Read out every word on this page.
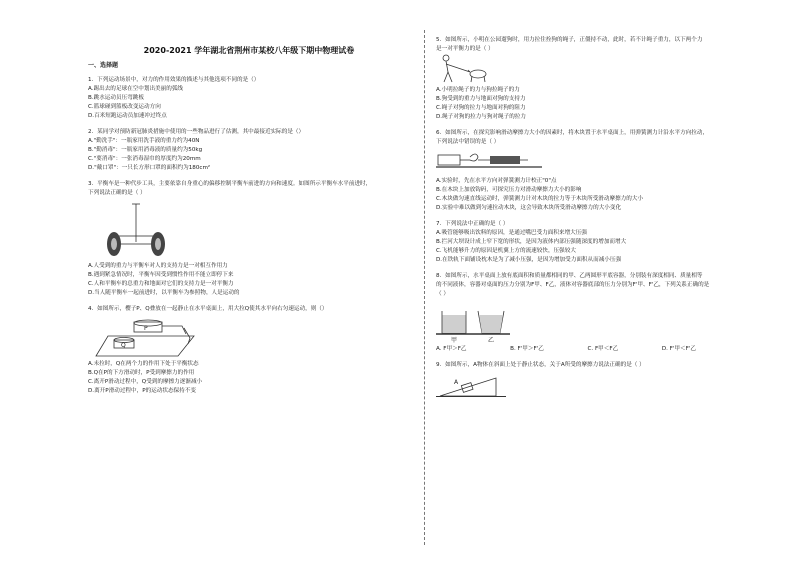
2020-2021 学年湖北省荆州市某校八年级下期中物理试卷
一、选择题

1．下列运动场景中，对力的作用效果的描述与其他选项不同的是（）

A.踢出去的足球在空中划出美丽的弧线

B.跳水运动员压弯跳板

C.篮球碰到篮板改变运动方向

D.百米短跑运动员加速冲过终点

2．某同学对预防新冠肺炎措施中使用的一些物品进行了估测，其中最接近实际的是（）

A."勤洗手"：一瓶家用洗手液的重力约为40N

B."勤消毒"：一瓶家用消毒液的质量约为50kg

C."要消毒"：一张消毒湿巾的厚度约为20mm

D."戴口罩"：一只长方形口罩的面积约为180cm²

3．平衡车是一种代步工具，主要依靠自身重心的偏移控制平衡车前进的方向和速度。如图所示平衡车水平前进时，

下列说法正确的是（ ）

A.人受到的重力与平衡车对人的支持力是一对相互作用力

B.遇到紧急情况时，平衡车因受到惯性作用不能立即停下来

C.人和平衡车的总重力和地面对它们的支持力是一对平衡力

D.当人随平衡车一起前进时，以平衡车为参照物，人是运动的

4．如图所示，樱子P、Q叠放在一起静止在水平桌面上，用大拉Q使其水平向右匀速运动，则（）

P
Q

A.未拉时，Q在两个力的作用下处于平衡状态

B.Q在P的下方滑动时，P受到摩擦力的作用

C.离开P滑动过程中，Q受到的摩擦力逐渐减小

D.离开P滑动过程中，P的运动状态保持不变

5．如图所示，小明在公园遛狗时，用力拉住拴狗的绳子，正僵持不动，此时，若不计绳子重力，以下两个力

是一对平衡力的是（ ）

A.小明拉绳子的力与狗拉绳子的力

B.狗受到的重力与地面对狗的支持力

C.绳子对狗的拉力与地面对狗的阻力

D.绳子对狗的拉力与狗对绳子的拉力

6．如图所示，在探究影响滑动摩擦力大小的因素时，将木块置于水平桌面上，用弹簧测力计沿水平方向拉动，

下列说法中错误的是（ ）

A.实验时，先在水平方向对弹簧测力计校正"0"点

B.在木块上加放钩码，可探究压力对滑动摩擦力大小的影响

C.木块做匀速直线运动时，弹簧测力计对木块的拉力等于木块所受滑动摩擦力的大小

D.实验中难以做到匀速拉动木块，这会导致木块所受滑动摩擦力的大小变化

7．下列说法中正确的是（ ）

A.吸管能够吸出饮料的原因，是通过嘴巴受力面积来增大压强

B.拦河大坝设计成上窄下宽的形状，是因为液体内部压强随深度的增加而增大

C.飞机能够升力的原因是机翼上方的流速较快，压强较大

D.在铁轨下面铺设枕木是为了减小压强，是因为增加受力面积从而减小压强

8．如图所示，水平桌面上放有底面积和质量都相同的甲、乙两圆形平底容器，分别装有深度相同、质量相等

的不同液体，容器对桌面的压力分别为F甲、F乙，液体对容器底部的压力分别为F'甲、F'乙，下列关系正确的是

（ ）

甲	乙
A. F甲＞F乙	B. F'甲＞F'乙	C. F甲＜F乙	D. F'甲＜F'乙

9．如图所示，A物体在斜面上处于静止状态，关于A所受的摩擦力说法正确的是（ ）

A
